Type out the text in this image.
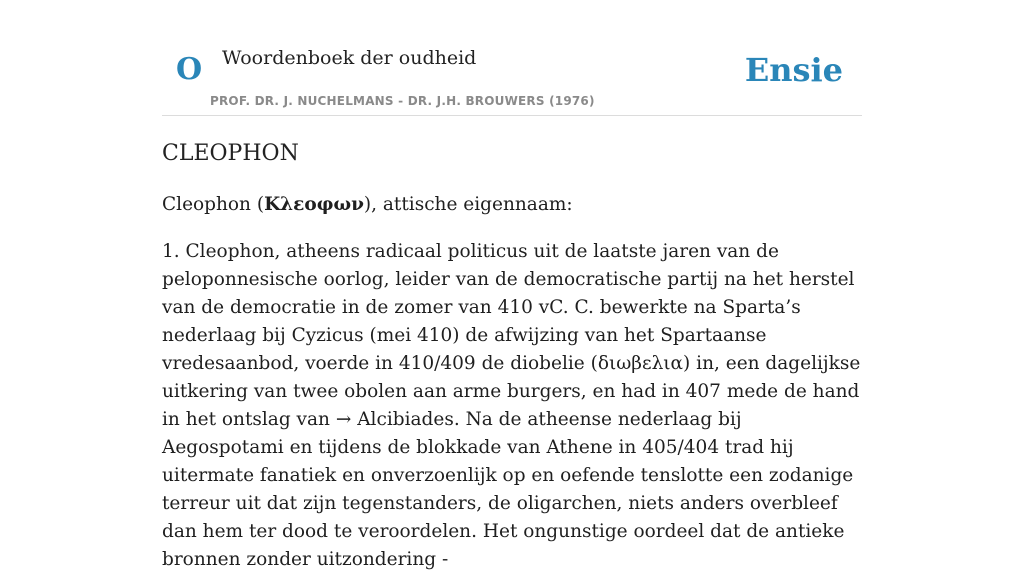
O Woordenboek der oudheid
PROF. DR. J. NUCHELMANS - DR. J.H. BROUWERS (1976)
Ensie
CLEOPHON

Cleophon (Κλεοφων), attische eigennaam:

1. Cleophon, atheens radicaal politicus uit de laatste jaren van de peloponnesische oorlog, leider van de democratische partij na het herstel van de democratie in de zomer van 410 vC. C. bewerkte na Sparta’s nederlaag bij Cyzicus (mei 410) de afwijzing van het Spartaanse vredesaanbod, voerde in 410/409 de diobelie (διωβελια) in, een dagelijkse uitkering van twee obolen aan arme burgers, en had in 407 mede de hand in het ontslag van → Alcibiades. Na de atheense nederlaag bij Aegospotami en tijdens de blokkade van Athene in 405/404 trad hij uitermate fanatiek en onverzoenlijk op en oefende tenslotte een zodanige terreur uit dat zijn tegenstanders, de oligarchen, niets anders overbleef dan hem ter dood te veroordelen. Het ongunstige oordeel dat de antieke bronnen zonder uitzondering -
